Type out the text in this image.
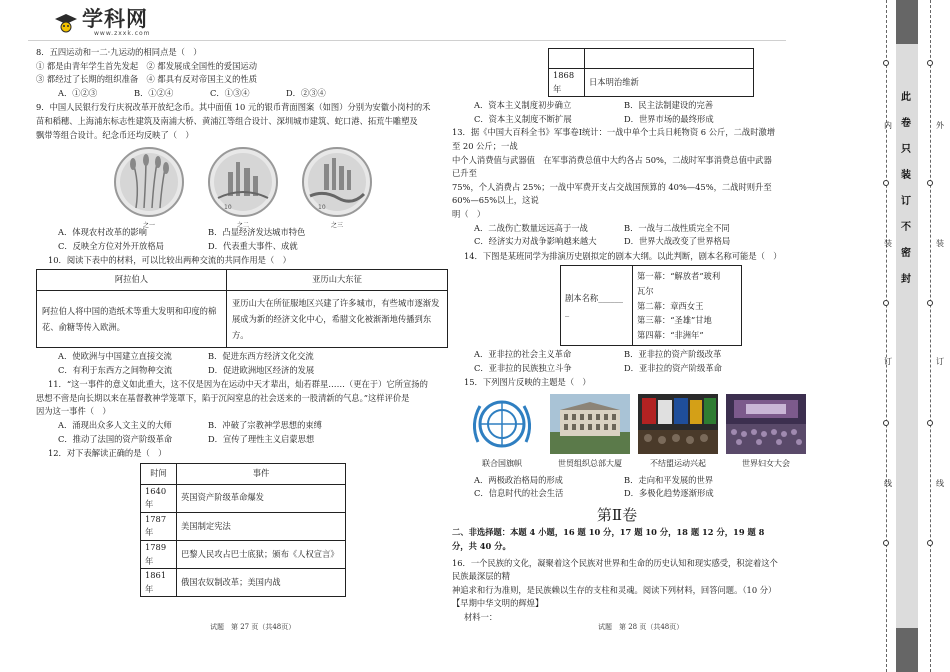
学科网
www.zxxk.com
8．五四运动和一二·九运动的相同点是（　）
① 都是由青年学生首先发起　② 都发展成全国性的爱国运动
③ 都经过了长期的组织准备　④ 都具有反对帝国主义的性质
A．①②③	B．①②④	C．①③④	D．②③④
9．中国人民银行发行庆祝改革开放纪念币。其中面值 10 元的银币背面图案（如图）分别为安徽小岗村的禾
苗和稻穗、上海浦东标志性建筑及南浦大桥、黄浦江等组合设计、深圳城市建筑、蛇口港、拓荒牛雕塑及
飘带等组合设计。纪念币还均反映了（　）
之一
10
之二
10
之三
A．体现农村改革的影响	B．凸显经济发达城市特色
C．反映全方位对外开放格局	D．代表重大事件、成就
10．阅读下表中的材料，可以比较出两种交流的共同作用是（　）
阿拉伯人	亚历山大东征
阿拉伯人将中国的造纸术等重大发明和印度的棉花、俞糖等传入欧洲。	亚历山大在所征服地区兴建了许多城市，有些城市逐渐发展成为新的经济文化中心，希腊文化被渐渐地传播到东方。
A．使欧洲与中国建立直接交流	B．促进东西方经济文化交流
C．有利于东西方之间物种交流	D．促进欧洲地区经济的发展
11．“这一事件的意义如此重大，这不仅是因为在运动中天才辈出，灿若群星……（更在于）它所宣扬的
思想不啻是向长期以来在基督教神学笼罩下，陷于沉闷窒息的社会送来的一股清新的气息。”这样评价是
因为这一事件（　）
A．涌现出众多人文主义的大师	B．冲破了宗教神学思想的束缚
C．推动了法国的资产阶级革命	D．宣传了理性主义启蒙思想
12．对下表解读正确的是（　）
时间	事件
1640 年	英国资产阶级革命爆发
1787 年	美国制定宪法
1789 年	巴黎人民攻占巴士底狱；颁布《人权宣言》
1861 年	俄国农奴制改革；美国内战
试题　第 27 页（共48页）

1868 年	日本明治维新
A．资本主义制度初步确立	B．民主法制建设的完善
C．资本主义制度不断扩展	D．世界市场的最终形成
13．据《中国大百科全书》军事卷Ⅰ统计：一战中单个士兵日耗物资 6 公斤，二战时激增至 20 公斤；一战
中个人消费值与武器值　在军事消费总值中大约各占 50%，二战时军事消费总值中武器　已升至
75%，个人消费占 25%；一战中军费开支占交战国预算的 40%—45%，二战时则升至 60%—65%以上，这说
明（　）
A．二战伤亡数量远远高于一战	B．一战与二战性质完全不同
C．经济实力对战争影响越来越大	D．世界大战改变了世界格局
14．下图是某班同学为排演历史剧拟定的剧本大纲。以此判断，剧本名称可能是（　）
剧本名称______
_

第一幕：“解放者”玻利
瓦尔
第二幕：章西女王
第三幕：“圣雄”甘地
第四幕：“非洲年”
A．亚非拉的社会主义革命	B．亚非拉的资产阶级改革
C．亚非拉的民族独立斗争	D．亚非拉的资产阶级革命
15．下列图片反映的主题是（　）
联合国旗帜	世贸组织总部大厦	不结盟运动兴起	世界妇女大会
A．两极政治格局的形成	B．走向和平发展的世界
C．信息时代的社会生活	D．多极化趋势逐渐形成
第Ⅱ卷
二、非选择题：本题 4 小题，16 题 10 分，17 题 10 分，18 题 12 分，19 题 8 分，共 40 分。
16．一个民族的文化，凝聚着这个民族对世界和生命的历史认知和现实感受，积淀着这个民族最深层的精
神追求和行为准则，是民族赖以生存的支柱和灵魂。阅读下列材料，回答问题。（10 分）
【早期中华文明的辉煌】
材料一：
试题　第 28 页（共48页）
内
装
订
线
此
卷
只
装
订
不
密
封
外
装
订
线
